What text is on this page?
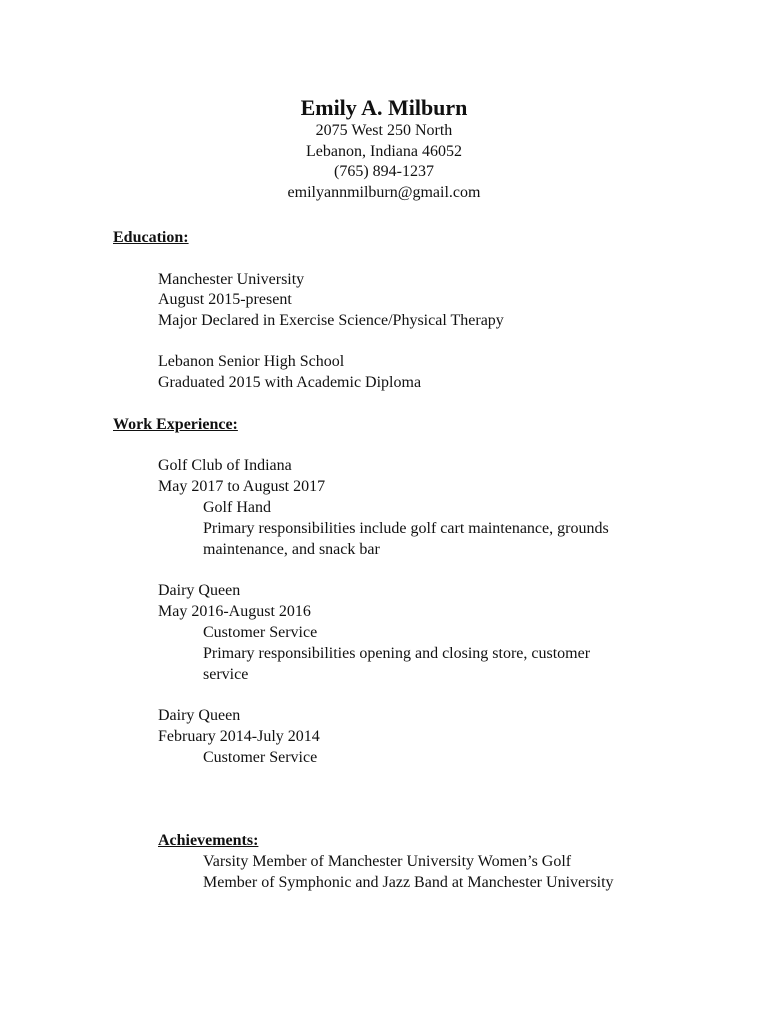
Emily A. Milburn
2075 West 250 North
Lebanon, Indiana 46052
(765) 894-1237
emilyannmilburn@gmail.com
Education:
Manchester University
August 2015-present
Major Declared in Exercise Science/Physical Therapy
Lebanon Senior High School
Graduated 2015 with Academic Diploma
Work Experience:
Golf Club of Indiana
May 2017 to August 2017
Golf Hand
Primary responsibilities include golf cart maintenance, grounds
maintenance, and snack bar
Dairy Queen
May 2016-August 2016
Customer Service
Primary responsibilities opening and closing store, customer
service
Dairy Queen
February 2014-July 2014
Customer Service
Achievements:
Varsity Member of Manchester University Women’s Golf
Member of Symphonic and Jazz Band at Manchester University
